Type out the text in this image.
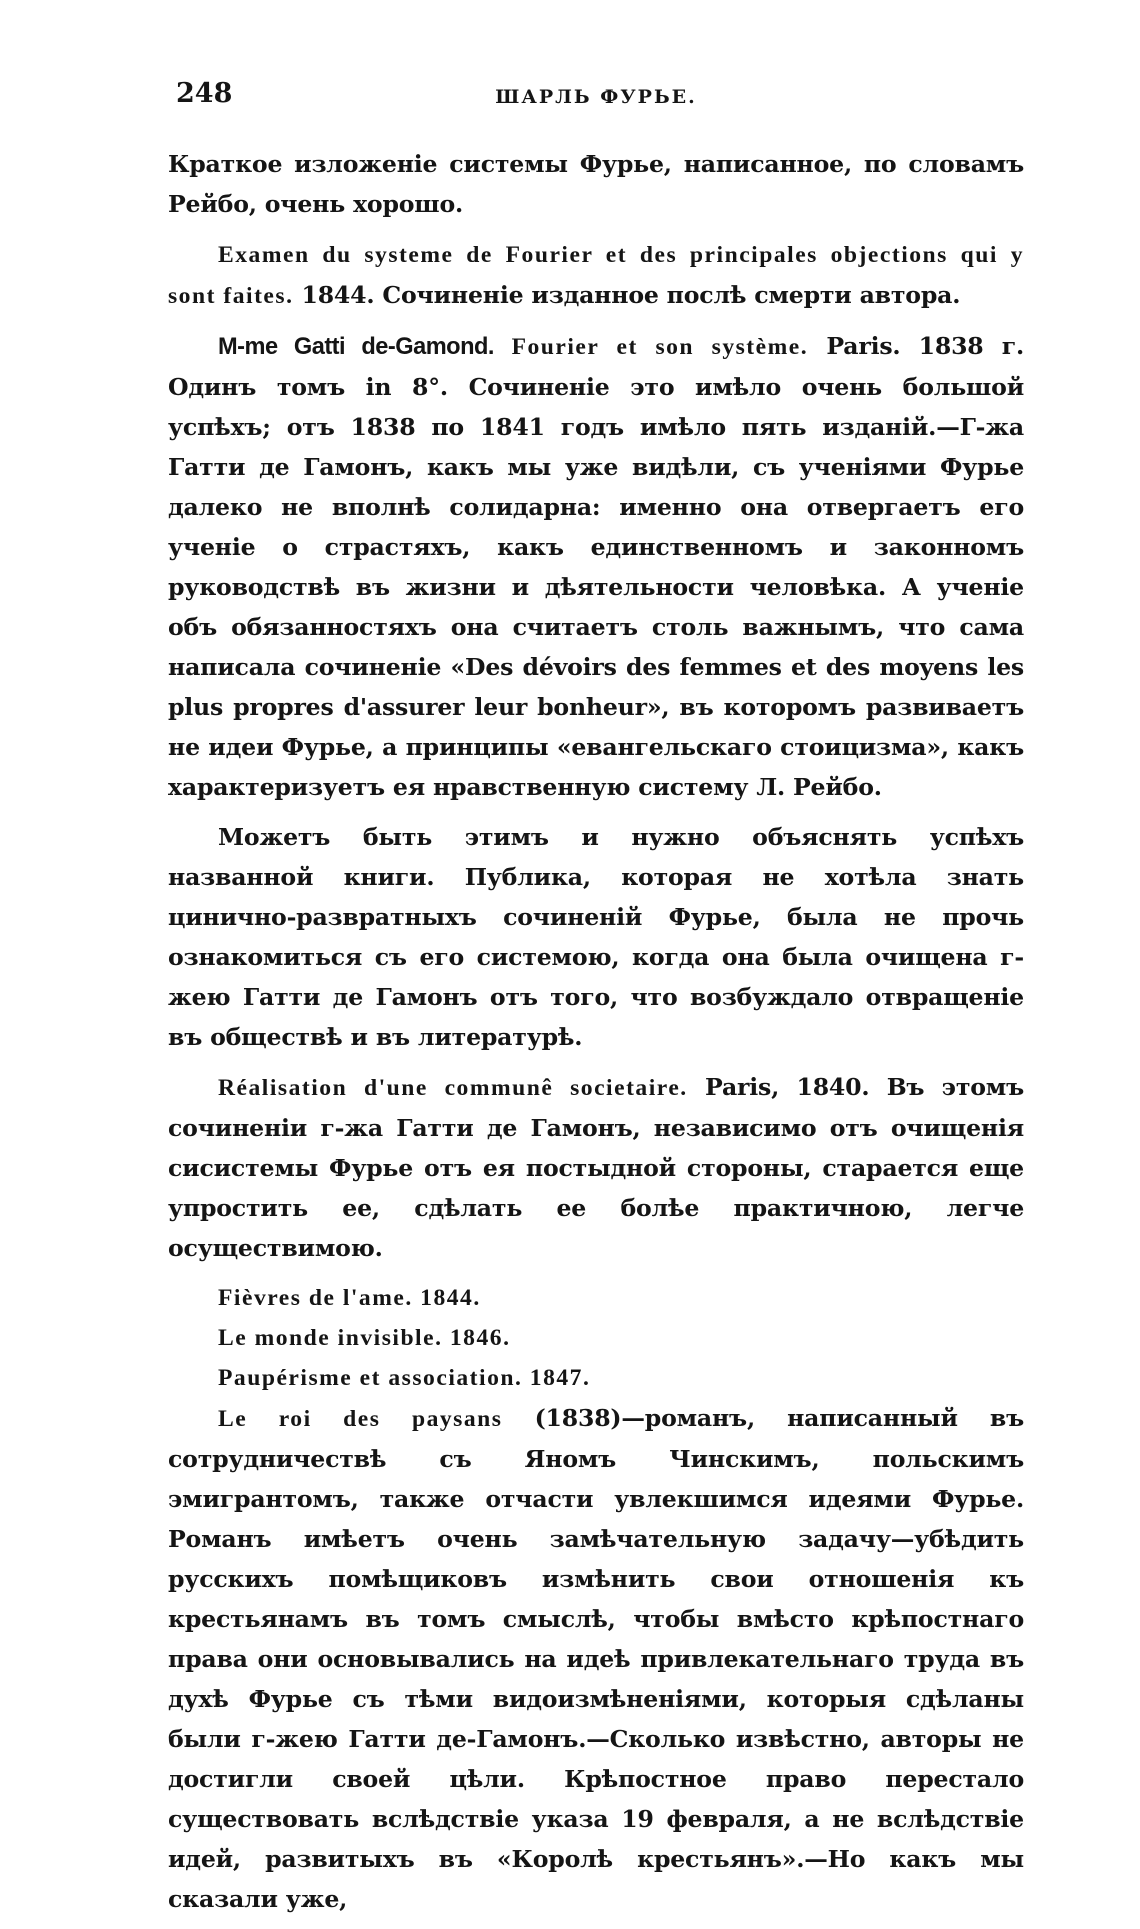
248	ШАРЛЬ ФУРЬЕ.

Краткое изложеніе системы Фурье, написанное, по словамъ Рейбо, очень хорошо.

Examen du systeme de Fourier et des principales objections qui y sont faites. 1844. Сочиненіе изданное послѣ смерти автора.

M-me Gatti de-Gamond. Fourier et son système. Paris. 1838 г. Одинъ томъ in 8°. Сочиненіе это имѣло очень большой успѣхъ; отъ 1838 по 1841 годъ имѣло пять изданій.—Г-жа Гатти де Гамонъ, какъ мы уже видѣли, съ ученіями Фурье далеко не вполнѣ солидарна: именно она отвергаетъ его ученіе о страстяхъ, какъ единственномъ и законномъ руководствѣ въ жизни и дѣятельности человѣка. А ученіе объ обязанностяхъ она считаетъ столь важнымъ, что сама написала сочиненіе «Des dévoirs des femmes et des moyens les plus propres d'assurer leur bonheur», въ которомъ развиваетъ не идеи Фурье, а принципы «евангельскаго стоицизма», какъ характеризуетъ ея нравственную систему Л. Рейбо.

Можетъ быть этимъ и нужно объяснять успѣхъ названной книги. Публика, которая не хотѣла знать цинично-развратныхъ сочиненій Фурье, была не прочь ознакомиться съ его системою, когда она была очищена г-жею Гатти де Гамонъ отъ того, что возбуждало отвращеніе въ обществѣ и въ литературѣ.

Réalisation d'une communê societaire. Paris, 1840. Въ этомъ сочиненіи г-жа Гатти де Гамонъ, независимо отъ очищенія сисистемы Фурье отъ ея постыдной стороны, старается еще упростить ее, сдѣлать ее болѣе практичною, легче осуществимою.

Fièvres de l'ame. 1844.

Le monde invisible. 1846.

Paupérisme et association. 1847.

Le roi des paysans (1838)—романъ, написанный въ сотрудничествѣ съ Яномъ Чинскимъ, польскимъ эмигрантомъ, также отчасти увлекшимся идеями Фурье. Романъ имѣетъ очень замѣчательную задачу—убѣдить русскихъ помѣщиковъ измѣнить свои отношенія къ крестьянамъ въ томъ смыслѣ, чтобы вмѣсто крѣпостнаго права они основывались на идеѣ привлекательнаго труда въ духѣ Фурье съ тѣми видоизмѣненіями, которыя сдѣланы были г-жею Гатти де-Гамонъ.—Сколько извѣстно, авторы не достигли своей цѣли. Крѣпостное право перестало существовать вслѣдствіе указа 19 февраля, а не вслѣдствіе идей, развитыхъ въ «Королѣ крестьянъ».—Но какъ мы сказали уже,
